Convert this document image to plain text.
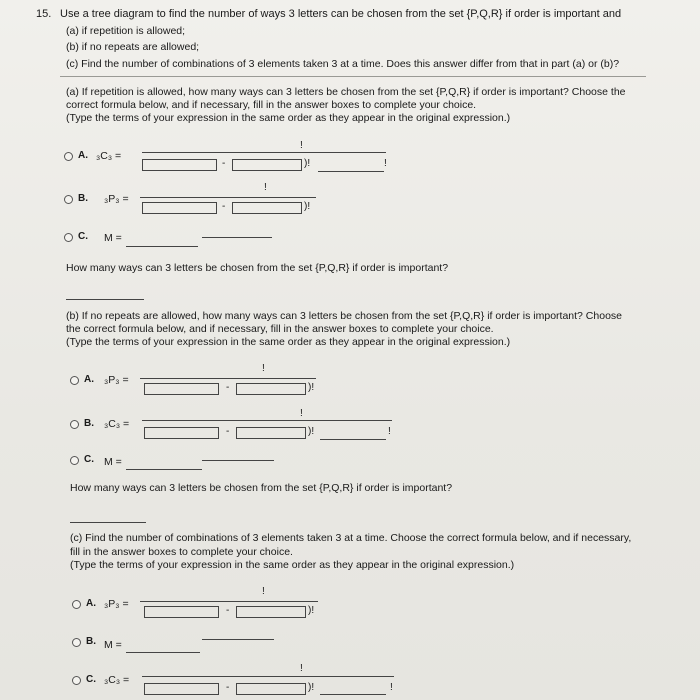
15. Use a tree diagram to find the number of ways 3 letters can be chosen from the set {P,Q,R} if order is important and
(a) if repetition is allowed;
(b) if no repeats are allowed;
(c) Find the number of combinations of 3 elements taken 3 at a time. Does this answer differ from that in part (a) or (b)?
(a) If repetition is allowed, how many ways can 3 letters be chosen from the set {P,Q,R} if order is important? Choose the
correct formula below, and if necessary, fill in the answer boxes to complete your choice.
(Type the terms of your expression in the same order as they appear in the original expression.)
A. ₃C₃ =
!
-	)!	!
B. ₃P₃ =
!
-	)!
C. M =
How many ways can 3 letters be chosen from the set {P,Q,R} if order is important?
(b) If no repeats are allowed, how many ways can 3 letters be chosen from the set {P,Q,R} if order is important? Choose
the correct formula below, and if necessary, fill in the answer boxes to complete your choice.
(Type the terms of your expression in the same order as they appear in the original expression.)
A. ₃P₃ =
!
-	)!
B. ₃C₃ =
!
-	)!	!
C. M =
How many ways can 3 letters be chosen from the set {P,Q,R} if order is important?
(c) Find the number of combinations of 3 elements taken 3 at a time. Choose the correct formula below, and if necessary,
fill in the answer boxes to complete your choice.
(Type the terms of your expression in the same order as they appear in the original expression.)
A. ₃P₃ =
!
-	)!
B. M =
C. ₃C₃ =
!
-	)!	!
